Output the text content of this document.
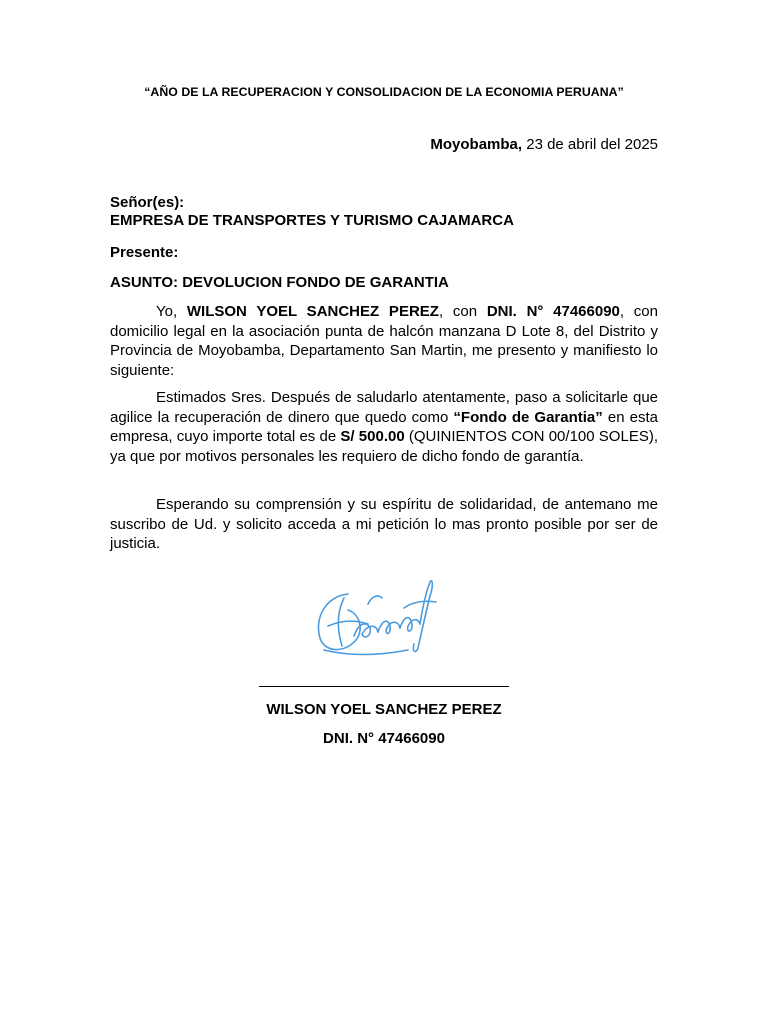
“AÑO DE LA RECUPERACION Y CONSOLIDACION DE LA ECONOMIA PERUANA”
Moyobamba, 23 de abril del 2025
Señor(es):
EMPRESA DE TRANSPORTES Y TURISMO CAJAMARCA
Presente:
ASUNTO: DEVOLUCION FONDO DE GARANTIA
Yo, WILSON YOEL SANCHEZ PEREZ, con DNI. N° 47466090, con domicilio legal en la asociación punta de halcón manzana D Lote 8, del Distrito y Provincia de Moyobamba, Departamento San Martin, me presento y manifiesto lo siguiente:
Estimados Sres. Después de saludarlo atentamente, paso a solicitarle que agilice la recuperación de dinero que quedo como “Fondo de Garantia” en esta empresa, cuyo importe total es de S/ 500.00 (QUINIENTOS CON 00/100 SOLES), ya que por motivos personales les requiero de dicho fondo de garantía.
Esperando su comprensión y su espíritu de solidaridad, de antemano me suscribo de Ud. y solicito acceda a mi petición lo mas pronto posible por ser de justicia.
WILSON YOEL SANCHEZ PEREZ
DNI. N° 47466090
